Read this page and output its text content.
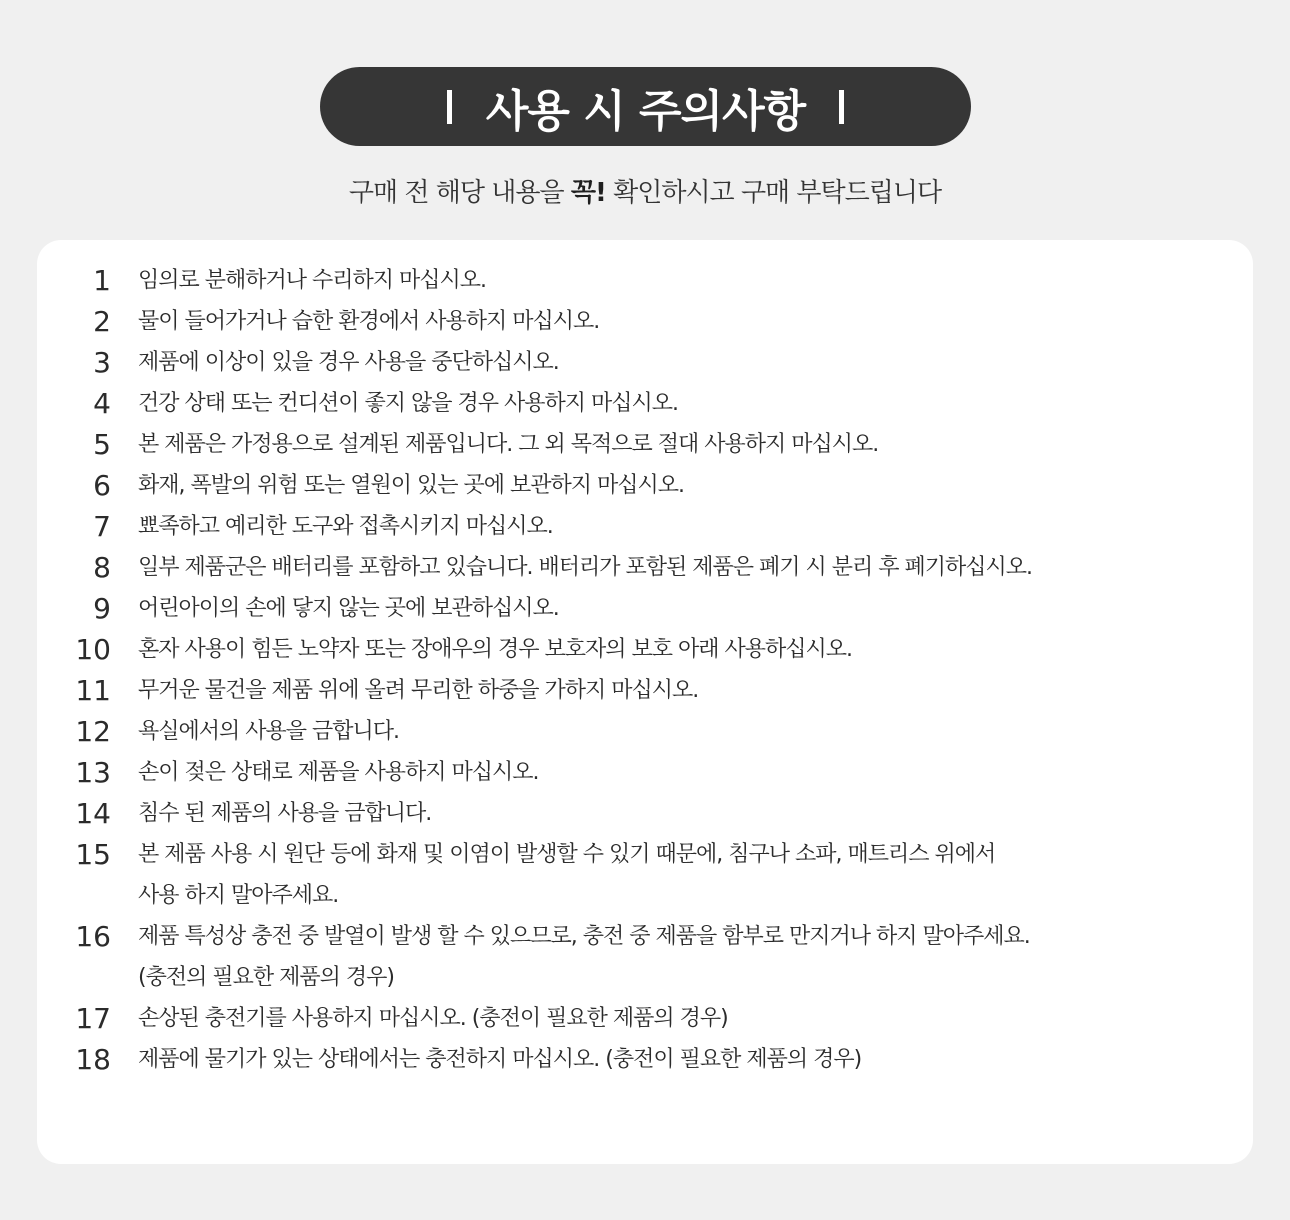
사용 시 주의사항
구매 전 해당 내용을 꼭! 확인하시고 구매 부탁드립니다
1 임의로 분해하거나 수리하지 마십시오.
2 물이 들어가거나 습한 환경에서 사용하지 마십시오.
3 제품에 이상이 있을 경우 사용을 중단하십시오.
4 건강 상태 또는 컨디션이 좋지 않을 경우 사용하지 마십시오.
5 본 제품은 가정용으로 설계된 제품입니다. 그 외 목적으로 절대 사용하지 마십시오.
6 화재, 폭발의 위험 또는 열원이 있는 곳에 보관하지 마십시오.
7 뾰족하고 예리한 도구와 접촉시키지 마십시오.
8 일부 제품군은 배터리를 포함하고 있습니다. 배터리가 포함된 제품은 폐기 시 분리 후 폐기하십시오.
9 어린아이의 손에 닿지 않는 곳에 보관하십시오.
10 혼자 사용이 힘든 노약자 또는 장애우의 경우 보호자의 보호 아래 사용하십시오.
11 무거운 물건을 제품 위에 올려 무리한 하중을 가하지 마십시오.
12 욕실에서의 사용을 금합니다.
13 손이 젖은 상태로 제품을 사용하지 마십시오.
14 침수 된 제품의 사용을 금합니다.
15 본 제품 사용 시 원단 등에 화재 및 이염이 발생할 수 있기 때문에, 침구나 소파, 매트리스 위에서
사용 하지 말아주세요.
16 제품 특성상 충전 중 발열이 발생 할 수 있으므로, 충전 중 제품을 함부로 만지거나 하지 말아주세요.
(충전의 필요한 제품의 경우)
17 손상된 충전기를 사용하지 마십시오. (충전이 필요한 제품의 경우)
18 제품에 물기가 있는 상태에서는 충전하지 마십시오. (충전이 필요한 제품의 경우)
